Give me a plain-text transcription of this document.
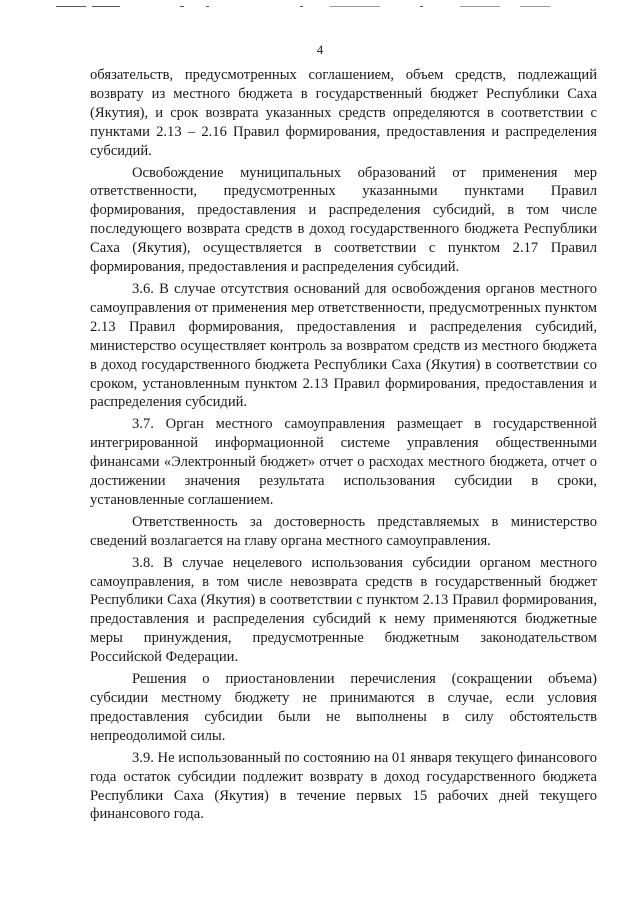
4

обязательств, предусмотренных соглашением, объем средств, подлежащий возврату из местного бюджета в государственный бюджет Республики Саха (Якутия), и срок возврата указанных средств определяются в соответствии с пунктами 2.13 – 2.16 Правил формирования, предоставления и распределения субсидий.

Освобождение муниципальных образований от применения мер ответственности, предусмотренных указанными пунктами Правил формирования, предоставления и распределения субсидий, в том числе последующего возврата средств в доход государственного бюджета Республики Саха (Якутия), осуществляется в соответствии с пунктом 2.17 Правил формирования, предоставления и распределения субсидий.

3.6. В случае отсутствия оснований для освобождения органов местного самоуправления от применения мер ответственности, предусмотренных пунктом 2.13 Правил формирования, предоставления и распределения субсидий, министерство осуществляет контроль за возвратом средств из местного бюджета в доход государственного бюджета Республики Саха (Якутия) в соответствии со сроком, установленным пунктом 2.13 Правил формирования, предоставления и распределения субсидий.

3.7. Орган местного самоуправления размещает в государственной интегрированной информационной системе управления общественными финансами «Электронный бюджет» отчет о расходах местного бюджета, отчет о достижении значения результата использования субсидии в сроки, установленные соглашением.

Ответственность за достоверность представляемых в министерство сведений возлагается на главу органа местного самоуправления.

3.8. В случае нецелевого использования субсидии органом местного самоуправления, в том числе невозврата средств в государственный бюджет Республики Саха (Якутия) в соответствии с пунктом 2.13 Правил формирования, предоставления и распределения субсидий к нему применяются бюджетные меры принуждения, предусмотренные бюджетным законодательством Российской Федерации.

Решения о приостановлении перечисления (сокращении объема) субсидии местному бюджету не принимаются в случае, если условия предоставления субсидии были не выполнены в силу обстоятельств непреодолимой силы.

3.9. Не использованный по состоянию на 01 января текущего финансового года остаток субсидии подлежит возврату в доход государственного бюджета Республики Саха (Якутия) в течение первых 15 рабочих дней текущего финансового года.
